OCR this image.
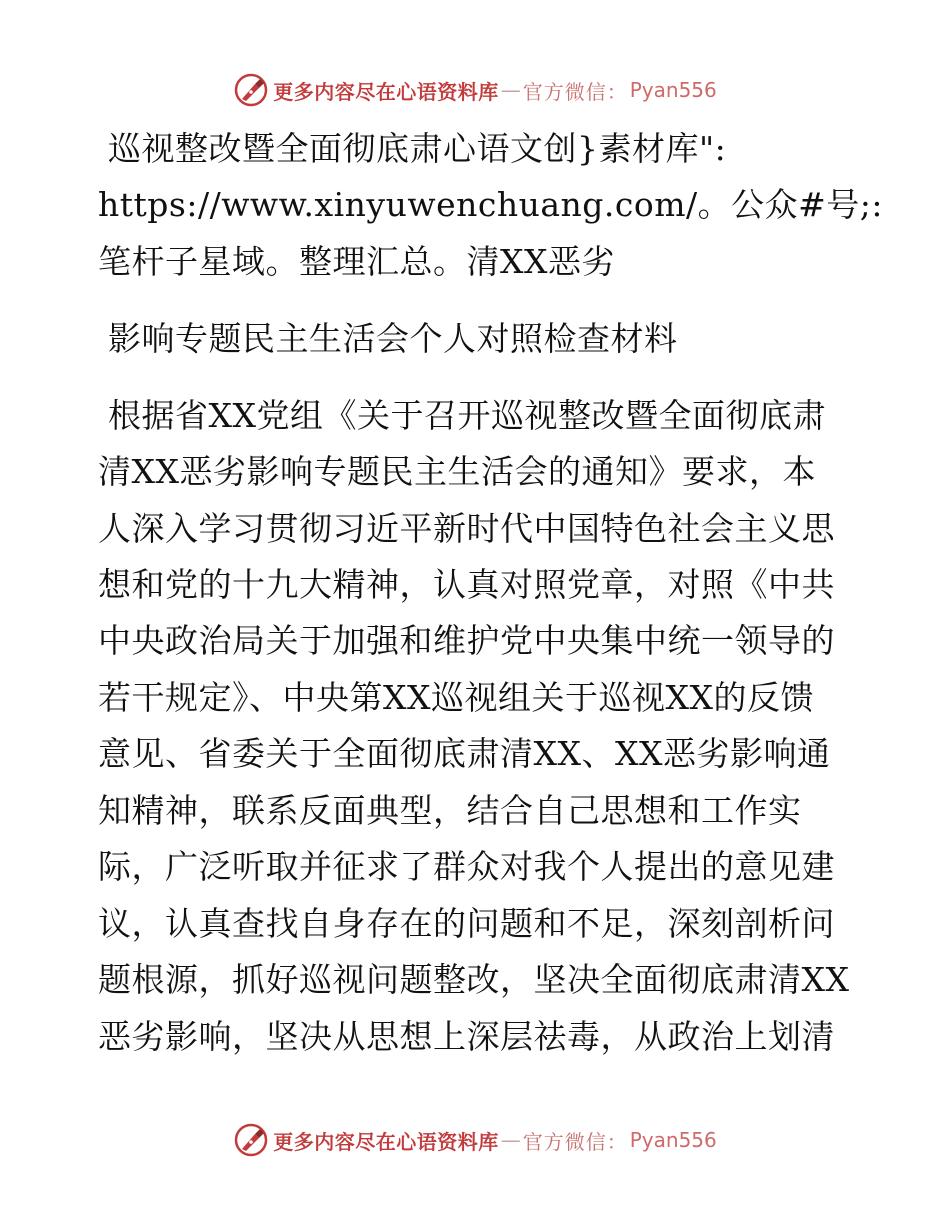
更多内容尽在心语资料库 — 官方微信： Pyan556
巡视整改暨全面彻底肃心语文创}素材库":
https://www.xinyuwenchuang.com/。公众#号;:
笔杆子星域。整理汇总。清XX恶劣
影响专题民主生活会个人对照检查材料
根据省XX党组《关于召开巡视整改暨全面彻底肃
清XX恶劣影响专题民主生活会的通知》要求，本
人深入学习贯彻习近平新时代中国特色社会主义思
想和党的十九大精神，认真对照党章，对照《中共
中央政治局关于加强和维护党中央集中统一领导的
若干规定》、中央第XX巡视组关于巡视XX的反馈
意见、省委关于全面彻底肃清XX、XX恶劣影响通
知精神，联系反面典型，结合自己思想和工作实
际，广泛听取并征求了群众对我个人提出的意见建
议，认真查找自身存在的问题和不足，深刻剖析问
题根源，抓好巡视问题整改，坚决全面彻底肃清XX
恶劣影响，坚决从思想上深层祛毒，从政治上划清
更多内容尽在心语资料库 — 官方微信： Pyan556
